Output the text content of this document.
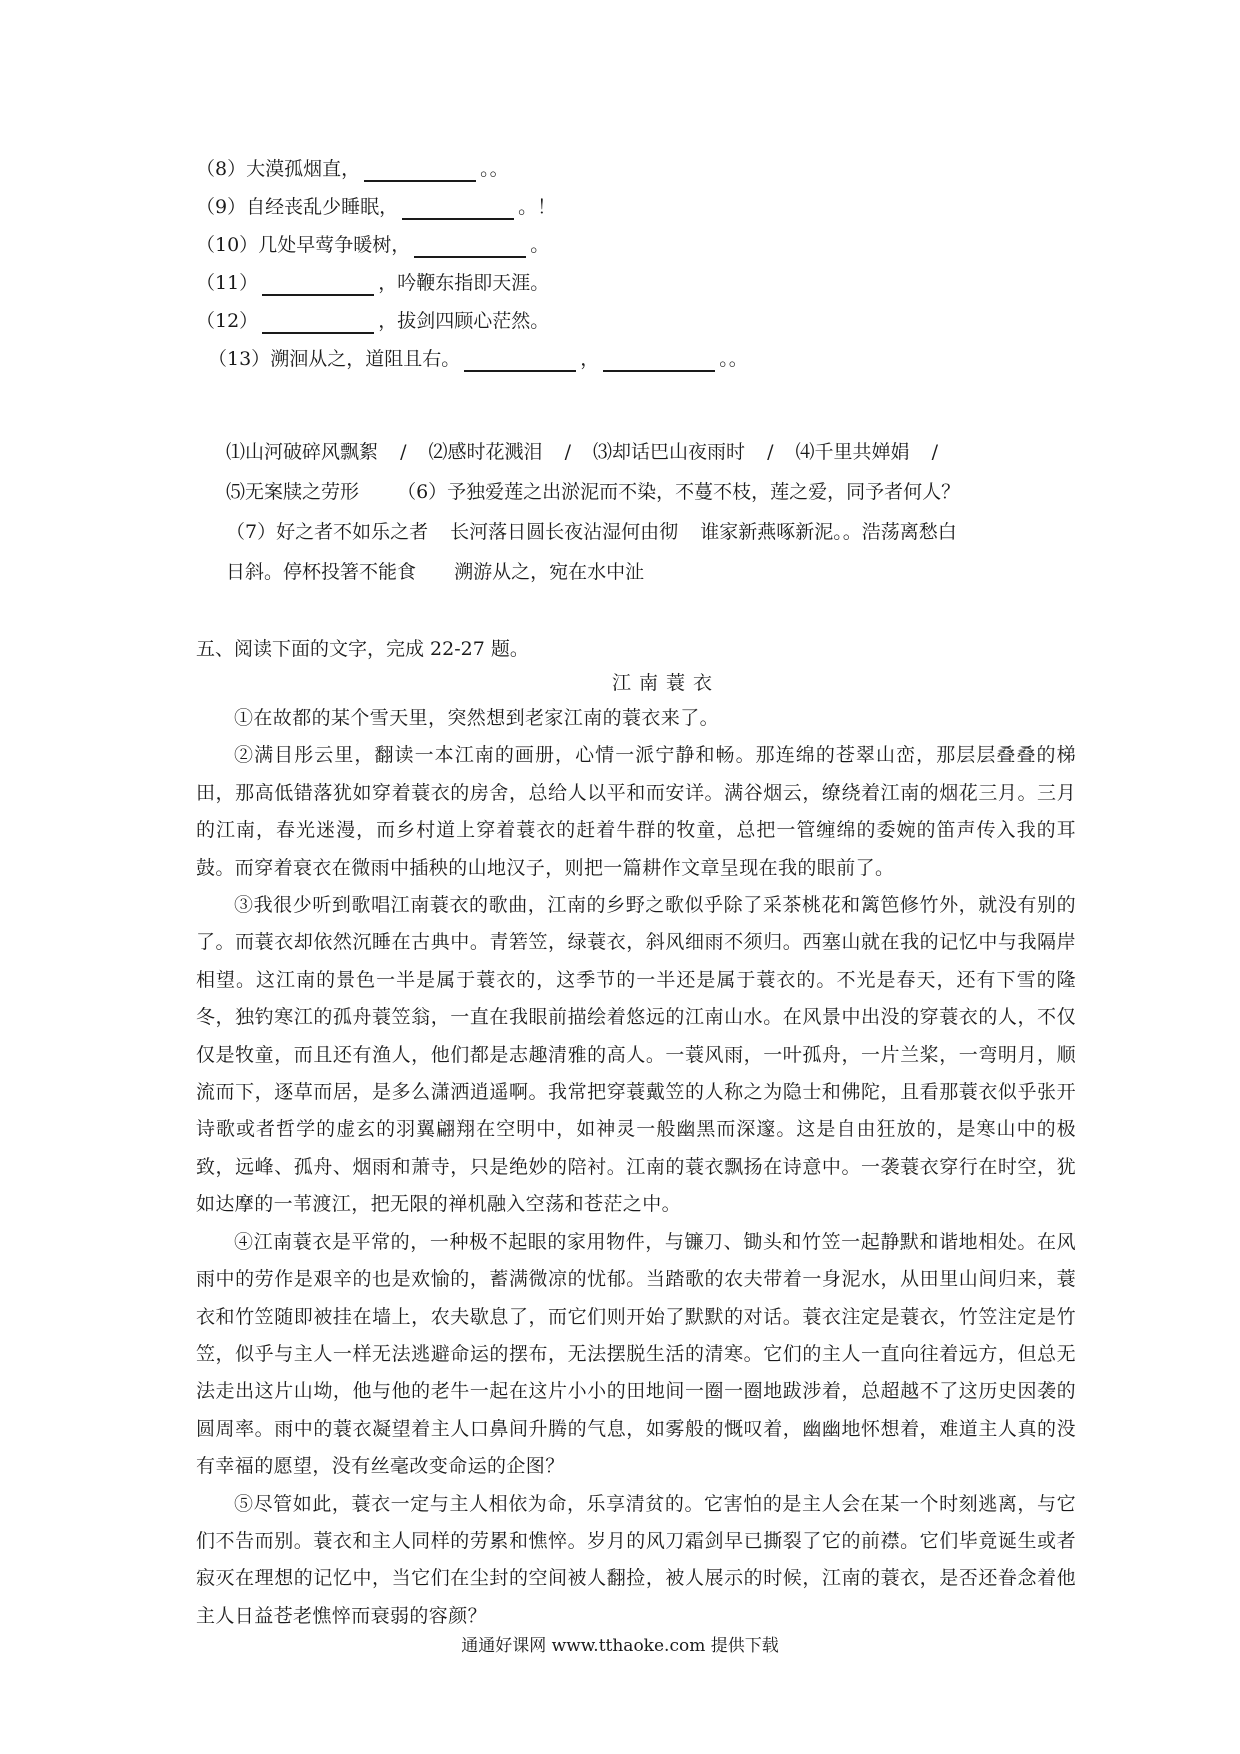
（8）大漠孤烟直，	。。
（9）自经丧乱少睡眠，	。！
（10）几处早莺争暖树，	。
（11）	，吟鞭东指即天涯。
（12）	，拔剑四顾心茫然。
（13）溯洄从之，道阻且右。	，	。。
⑴山河破碎风飘絮 / ⑵感时花溅泪 / ⑶却话巴山夜雨时 / ⑷千里共婵娟 /
⑸无案牍之劳形 （6）予独爱莲之出淤泥而不染，不蔓不枝，莲之爱，同予者何人？
（7）好之者不如乐之者 长河落日圆长夜沾湿何由彻 谁家新燕啄新泥。。浩荡离愁白
日斜。停杯投箸不能食 溯游从之，宛在水中沚
五、阅读下面的文字，完成 22-27 题。
江南蓑衣

①在故都的某个雪天里，突然想到老家江南的蓑衣来了。

②满目彤云里，翻读一本江南的画册，心情一派宁静和畅。那连绵的苍翠山峦，那层层叠叠的梯田，那高低错落犹如穿着蓑衣的房舍，总给人以平和而安详。满谷烟云，缭绕着江南的烟花三月。三月的江南，春光迷漫，而乡村道上穿着蓑衣的赶着牛群的牧童，总把一管缠绵的委婉的笛声传入我的耳鼓。而穿着衰衣在微雨中插秧的山地汉子，则把一篇耕作文章呈现在我的眼前了。

③我很少听到歌唱江南蓑衣的歌曲，江南的乡野之歌似乎除了采茶桃花和篱笆修竹外，就没有别的了。而蓑衣却依然沉睡在古典中。青箬笠，绿蓑衣，斜风细雨不须归。西塞山就在我的记忆中与我隔岸相望。这江南的景色一半是属于蓑衣的，这季节的一半还是属于蓑衣的。不光是春天，还有下雪的隆冬，独钓寒江的孤舟蓑笠翁，一直在我眼前描绘着悠远的江南山水。在风景中出没的穿蓑衣的人，不仅仅是牧童，而且还有渔人，他们都是志趣清雅的高人。一蓑风雨，一叶孤舟，一片兰桨，一弯明月，顺流而下，逐草而居，是多么潇洒逍遥啊。我常把穿蓑戴笠的人称之为隐士和佛陀，且看那蓑衣似乎张开诗歌或者哲学的虚玄的羽翼翩翔在空明中，如神灵一般幽黑而深邃。这是自由狂放的，是寒山中的极致，远峰、孤舟、烟雨和萧寺，只是绝妙的陪衬。江南的蓑衣飘扬在诗意中。一袭蓑衣穿行在时空，犹如达摩的一苇渡江，把无限的禅机融入空荡和苍茫之中。

④江南蓑衣是平常的，一种极不起眼的家用物件，与镰刀、锄头和竹笠一起静默和谐地相处。在风雨中的劳作是艰辛的也是欢愉的，蓄满微凉的忧郁。当踏歌的农夫带着一身泥水，从田里山间归来，蓑衣和竹笠随即被挂在墙上，农夫歇息了，而它们则开始了默默的对话。蓑衣注定是蓑衣，竹笠注定是竹笠，似乎与主人一样无法逃避命运的摆布，无法摆脱生活的清寒。它们的主人一直向往着远方，但总无法走出这片山坳，他与他的老牛一起在这片小小的田地间一圈一圈地跋涉着，总超越不了这历史因袭的圆周率。雨中的蓑衣凝望着主人口鼻间升腾的气息，如雾般的慨叹着，幽幽地怀想着，难道主人真的没有幸福的愿望，没有丝毫改变命运的企图？

⑤尽管如此，蓑衣一定与主人相依为命，乐享清贫的。它害怕的是主人会在某一个时刻逃离，与它们不告而别。蓑衣和主人同样的劳累和憔悴。岁月的风刀霜剑早已撕裂了它的前襟。它们毕竟诞生或者寂灭在理想的记忆中，当它们在尘封的空间被人翻捡，被人展示的时候，江南的蓑衣，是否还眷念着他主人日益苍老憔悴而衰弱的容颜？

通通好课网 www.tthaoke.com 提供下载
